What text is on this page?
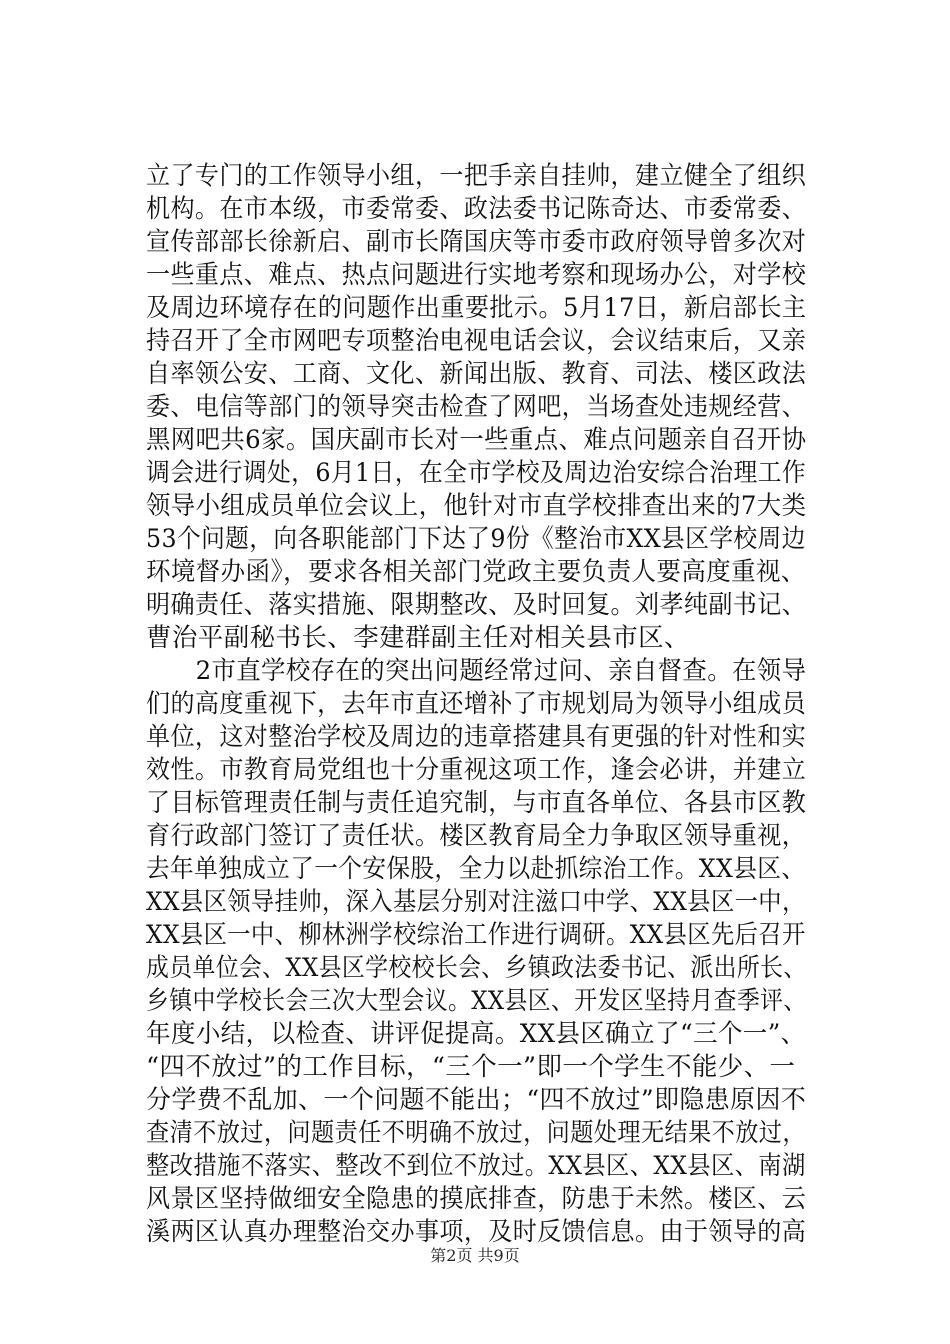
立了专门的工作领导小组，一把手亲自挂帅，建立健全了组织
机构。在市本级，市委常委、政法委书记陈奇达、市委常委、
宣传部部长徐新启、副市长隋国庆等市委市政府领导曾多次对
一些重点、难点、热点问题进行实地考察和现场办公，对学校
及周边环境存在的问题作出重要批示。5月17日，新启部长主
持召开了全市网吧专项整治电视电话会议，会议结束后，又亲
自率领公安、工商、文化、新闻出版、教育、司法、楼区政法
委、电信等部门的领导突击检查了网吧，当场查处违规经营、
黑网吧共6家。国庆副市长对一些重点、难点问题亲自召开协
调会进行调处，6月1日，在全市学校及周边治安综合治理工作
领导小组成员单位会议上，他针对市直学校排查出来的7大类
53个问题，向各职能部门下达了9份《整治市XX县区学校周边
环境督办函》，要求各相关部门党政主要负责人要高度重视、
明确责任、落实措施、限期整改、及时回复。刘孝纯副书记、
曹治平副秘书长、李建群副主任对相关县市区、
　　2市直学校存在的突出问题经常过问、亲自督查。在领导
们的高度重视下，去年市直还增补了市规划局为领导小组成员
单位，这对整治学校及周边的违章搭建具有更强的针对性和实
效性。市教育局党组也十分重视这项工作，逢会必讲，并建立
了目标管理责任制与责任追究制，与市直各单位、各县市区教
育行政部门签订了责任状。楼区教育局全力争取区领导重视，
去年单独成立了一个安保股，全力以赴抓综治工作。XX县区、
XX县区领导挂帅，深入基层分别对注滋口中学、XX县区一中，
XX县区一中、柳林洲学校综治工作进行调研。XX县区先后召开
成员单位会、XX县区学校校长会、乡镇政法委书记、派出所长、
乡镇中学校长会三次大型会议。XX县区、开发区坚持月查季评、
年度小结，以检查、讲评促提高。XX县区确立了“三个一”、
“四不放过”的工作目标，“三个一”即一个学生不能少、一
分学费不乱加、一个问题不能出；“四不放过”即隐患原因不
查清不放过，问题责任不明确不放过，问题处理无结果不放过，
整改措施不落实、整改不到位不放过。XX县区、XX县区、南湖
风景区坚持做细安全隐患的摸底排查，防患于未然。楼区、云
溪两区认真办理整治交办事项，及时反馈信息。由于领导的高
第2页 共9页
